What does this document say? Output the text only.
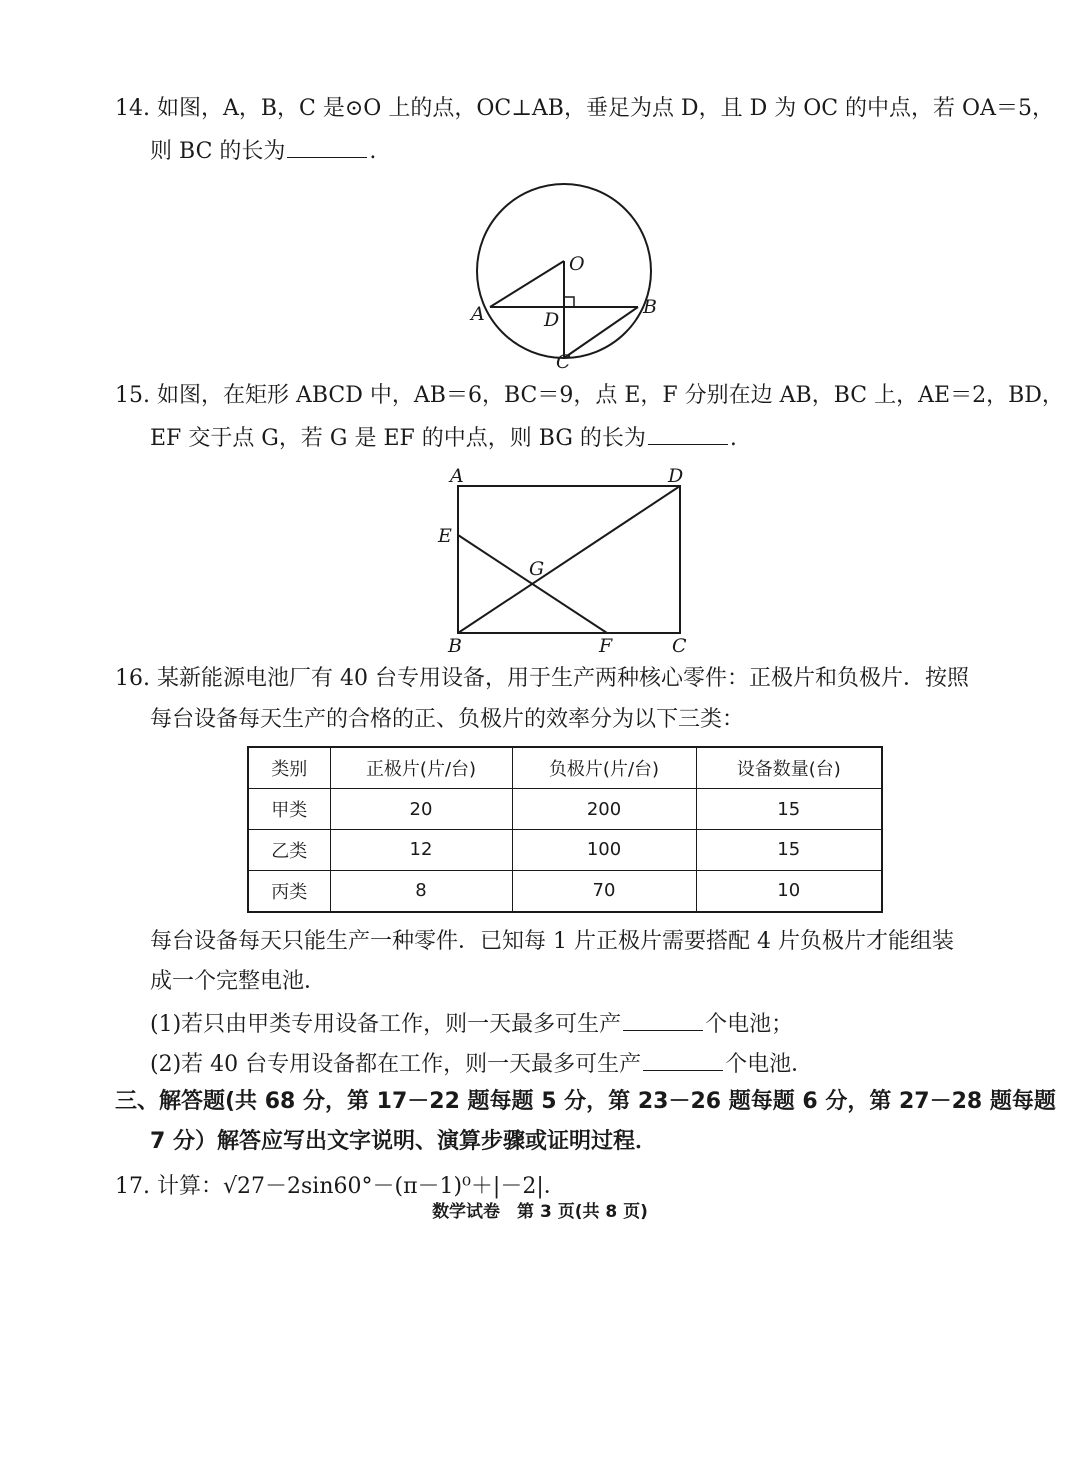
14. 如图，A，B，C 是⊙O 上的点，OC⊥AB，垂足为点 D，且 D 为 OC 的中点，若 OA＝5，
则 BC 的长为	.
O
A	B
C
D
15. 如图，在矩形 ABCD 中，AB＝6，BC＝9，点 E，F 分别在边 AB，BC 上，AE＝2，BD，
EF 交于点 G，若 G 是 EF 的中点，则 BG 的长为	.
A	D
E
G
B	F	C
16. 某新能源电池厂有 40 台专用设备，用于生产两种核心零件：正极片和负极片．按照
每台设备每天生产的合格的正、负极片的效率分为以下三类：
类别	正极片(片/台)	负极片(片/台)	设备数量(台)
甲类	20	200	15
乙类	12	100	15
丙类	8	70	10
每台设备每天只能生产一种零件．已知每 1 片正极片需要搭配 4 片负极片才能组装
成一个完整电池．
(1)若只由甲类专用设备工作，则一天最多可生产	个电池；
(2)若 40 台专用设备都在工作，则一天最多可生产	个电池．
三、解答题(共 68 分，第 17－22 题每题 5 分，第 23－26 题每题 6 分，第 27－28 题每题
7 分）解答应写出文字说明、演算步骤或证明过程．
17. 计算：√27－2sin60°－(π－1)⁰＋|－2|．
数学试卷　第 3 页(共 8 页)
